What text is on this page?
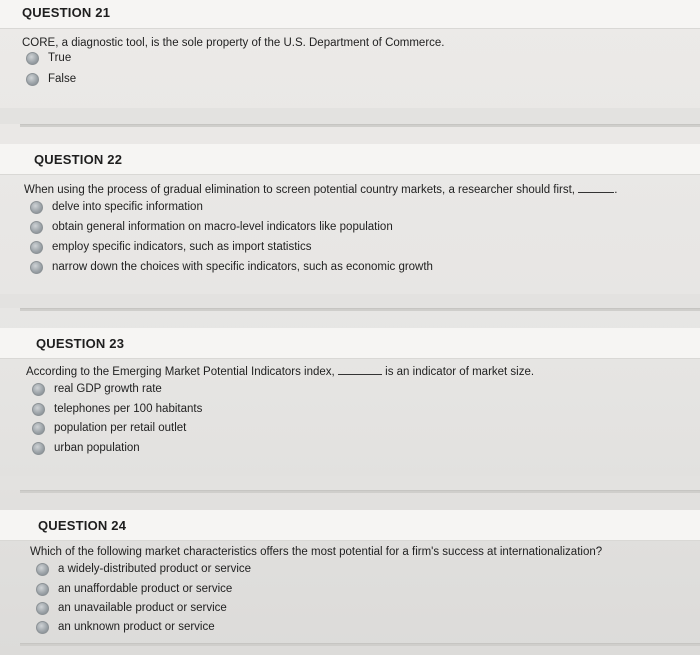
QUESTION 21
CORE, a diagnostic tool, is the sole property of the U.S. Department of Commerce.
True
False
QUESTION 22
When using the process of gradual elimination to screen potential country markets, a researcher should first,	.
delve into specific information
obtain general information on macro-level indicators like population
employ specific indicators, such as import statistics
narrow down the choices with specific indicators, such as economic growth
QUESTION 23
According to the Emerging Market Potential Indicators index,	is an indicator of market size.
real GDP growth rate
telephones per 100 habitants
population per retail outlet
urban population
QUESTION 24
Which of the following market characteristics offers the most potential for a firm's success at internationalization?
a widely-distributed product or service
an unaffordable product or service
an unavailable product or service
an unknown product or service
